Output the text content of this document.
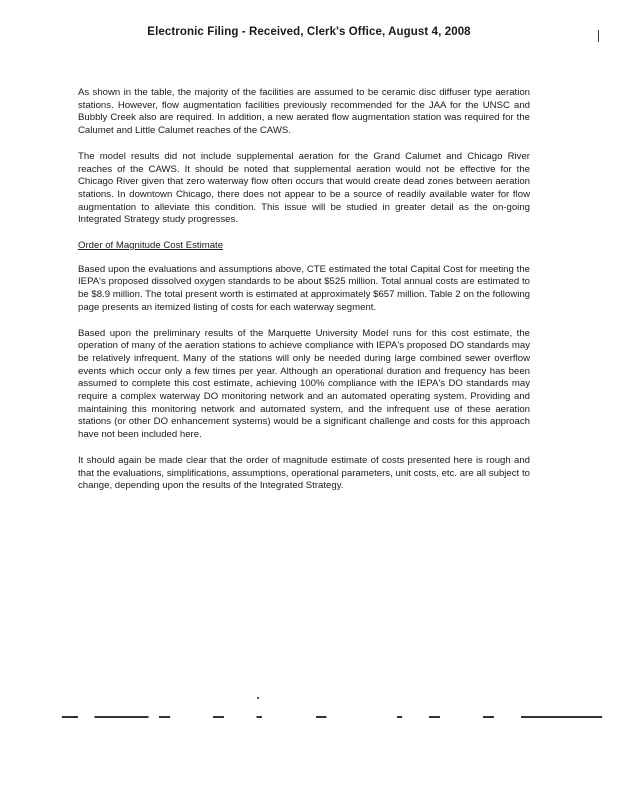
Electronic Filing - Received, Clerk's Office, August 4, 2008

As shown in the table, the majority of the facilities are assumed to be ceramic disc diffuser type aeration stations. However, flow augmentation facilities previously recommended for the JAA for the UNSC and Bubbly Creek also are required. In addition, a new aerated flow augmentation station was required for the Calumet and Little Calumet reaches of the CAWS.

The model results did not include supplemental aeration for the Grand Calumet and Chicago River reaches of the CAWS. It should be noted that supplemental aeration would not be effective for the Chicago River given that zero waterway flow often occurs that would create dead zones between aeration stations. In downtown Chicago, there does not appear to be a source of readily available water for flow augmentation to alleviate this condition. This issue will be studied in greater detail as the on-going Integrated Strategy study progresses.

Order of Magnitude Cost Estimate

Based upon the evaluations and assumptions above, CTE estimated the total Capital Cost for meeting the IEPA's proposed dissolved oxygen standards to be about $525 million. Total annual costs are estimated to be $8.9 million. The total present worth is estimated at approximately $657 million. Table 2 on the following page presents an itemized listing of costs for each waterway segment.

Based upon the preliminary results of the Marquette University Model runs for this cost estimate, the operation of many of the aeration stations to achieve compliance with IEPA's proposed DO standards may be relatively infrequent. Many of the stations will only be needed during large combined sewer overflow events which occur only a few times per year. Although an operational duration and frequency has been assumed to complete this cost estimate, achieving 100% compliance with the IEPA's DO standards may require a complex waterway DO monitoring network and an automated operating system. Providing and maintaining this monitoring network and automated system, and the infrequent use of these aeration stations (or other DO enhancement systems) would be a significant challenge and costs for this approach have not been included here.

It should again be made clear that the order of magnitude estimate of costs presented here is rough and that the evaluations, simplifications, assumptions, operational parameters, unit costs, etc. are all subject to change, depending upon the results of the Integrated Strategy.
